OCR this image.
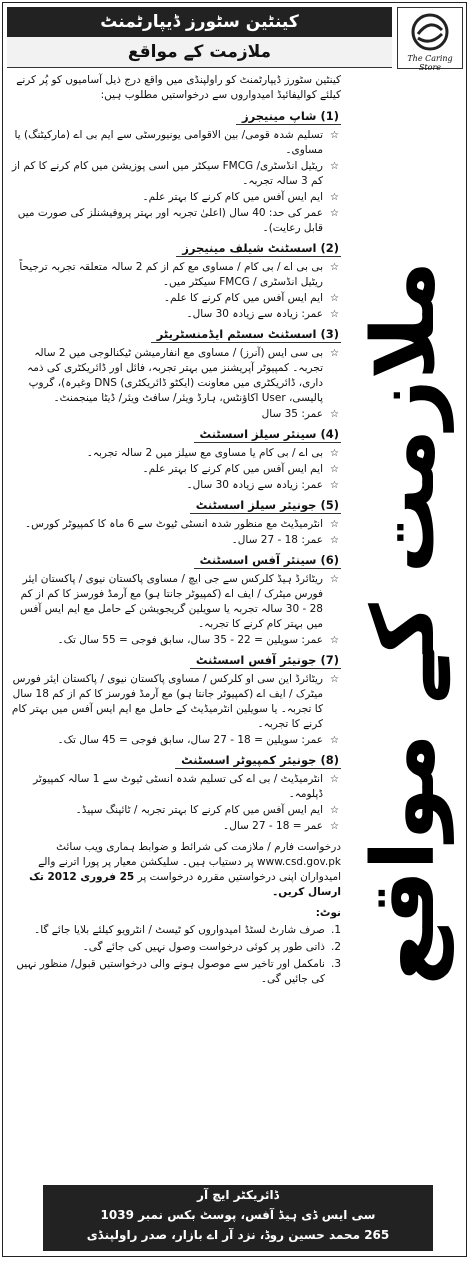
کینٹین سٹورز ڈیپارٹمنٹ
ملازمت کے مواقع	The Caring Store

کینٹین سٹورز ڈیپارٹمنٹ کو راولپنڈی میں واقع درج ذیل آسامیوں کو پُر کرنے کیلئے کوالیفائیڈ امیدواروں سے درخواستیں مطلوب ہیں:

(1)شاپ مینیجرز
☆
تسلیم شدہ قومی/ بین الاقوامی یونیورسٹی سے ایم بی اے (مارکیٹنگ) یا مساوی۔
☆
ریٹیل انڈسٹری/ FMCG سیکٹر میں اسی پوزیشن میں کام کرنے کا کم از کم 3 سالہ تجربہ۔
☆
ایم ایس آفس میں کام کرنے کا بہتر علم۔
☆
عمر کی حد: 40 سال (اعلیٰ تجربہ اور بہتر پروفیشنلز کی صورت میں قابل رعایت)۔
(2)اسسٹنٹ شیلف مینیجرز
☆
بی بی اے / بی کام / مساوی مع کم از کم 2 سالہ متعلقہ تجربہ ترجیحاً ریٹیل انڈسٹری / FMCG سیکٹر میں۔
☆
ایم ایس آفس میں کام کرنے کا علم۔
☆
عمر: زیادہ سے زیادہ 30 سال۔
(3)اسسٹنٹ سسٹم ایڈمنسٹریٹر
☆
بی سی ایس (آنرز) / مساوی مع انفارمیشن ٹیکنالوجی میں 2 سالہ تجربہ۔ کمپیوٹر آپریشنز میں بہتر تجربہ، فائل اور ڈائریکٹری کی ذمہ داری، ڈائریکٹری میں معاونت (ایکٹو ڈائریکٹری) DNS وغیرہ)، گروپ پالیسی، User اکاؤنٹس، ہارڈ ویئر/ سافٹ ویئر/ ڈیٹا مینجمنٹ۔
☆
عمر: 35 سال
(4)سینئر سیلز اسسٹنٹ
☆
بی اے / بی کام یا مساوی مع سیلز میں 2 سالہ تجربہ۔
☆
ایم ایس آفس میں کام کرنے کا بہتر علم۔
☆
عمر: زیادہ سے زیادہ 30 سال۔
(5)جونیئر سیلز اسسٹنٹ
☆
انٹرمیڈیٹ مع منظور شدہ انسٹی ٹیوٹ سے 6 ماہ کا کمپیوٹر کورس۔
☆
عمر: 18 - 27 سال۔
(6)سینئر آفس اسسٹنٹ
☆
ریٹائرڈ ہیڈ کلرکس سے جی ایچ / مساوی پاکستان نیوی / پاکستان ایئر فورس میٹرک / ایف اے (کمپیوٹر جانتا ہو) مع آرمڈ فورسز کا کم از کم 28 - 30 سالہ تجربہ یا سویلین گریجویشن کے حامل مع ایم ایس آفس میں بہتر کام کرنے کا تجربہ۔
☆
عمر: سویلین = 22 - 35 سال، سابق فوجی = 55 سال تک۔
(7)جونیئر آفس اسسٹنٹ
☆
ریٹائرڈ این سی او کلرکس / مساوی پاکستان نیوی / پاکستان ایئر فورس میٹرک / ایف اے (کمپیوٹر جانتا ہو) مع آرمڈ فورسز کا کم از کم 18 سال کا تجربہ۔ یا سویلین انٹرمیڈیٹ کے حامل مع ایم ایس آفس میں بہتر کام کرنے کا تجربہ۔
☆
عمر: سویلین = 18 - 27 سال، سابق فوجی = 45 سال تک۔
(8)جونیئر کمپیوٹر اسسٹنٹ
☆
انٹرمیڈیٹ / بی اے کی تسلیم شدہ انسٹی ٹیوٹ سے 1 سالہ کمپیوٹر ڈپلومہ۔
☆
ایم ایس آفس میں کام کرنے کا بہتر تجربہ / ٹائپنگ سپیڈ۔
☆
عمر = 18 - 27 سال۔
درخواست فارم / ملازمت کی شرائط و ضوابط ہماری ویب سائٹ www.csd.gov.pk پر دستیاب ہیں۔ سلیکشن معیار پر پورا اترنے والے امیدواران اپنی درخواستیں مقررہ درخواست پر 25 فروری 2012 تک ارسال کریں۔
نوٹ:
1.
صرف شارٹ لسٹڈ امیدواروں کو ٹیسٹ / انٹرویو کیلئے بلایا جائے گا۔
2.
ذاتی طور پر کوئی درخواست وصول نہیں کی جائے گی۔
3.
نامکمل اور تاخیر سے موصول ہونے والی درخواستیں قبول/ منظور نہیں کی جائیں گی۔ ملازمت کے مواقع
ڈائریکٹر ایچ آر
سی ایس ڈی ہیڈ آفس، پوسٹ بکس نمبر 1039
265 محمد حسین روڈ، نزد آر اے بازار، صدر راولپنڈی
